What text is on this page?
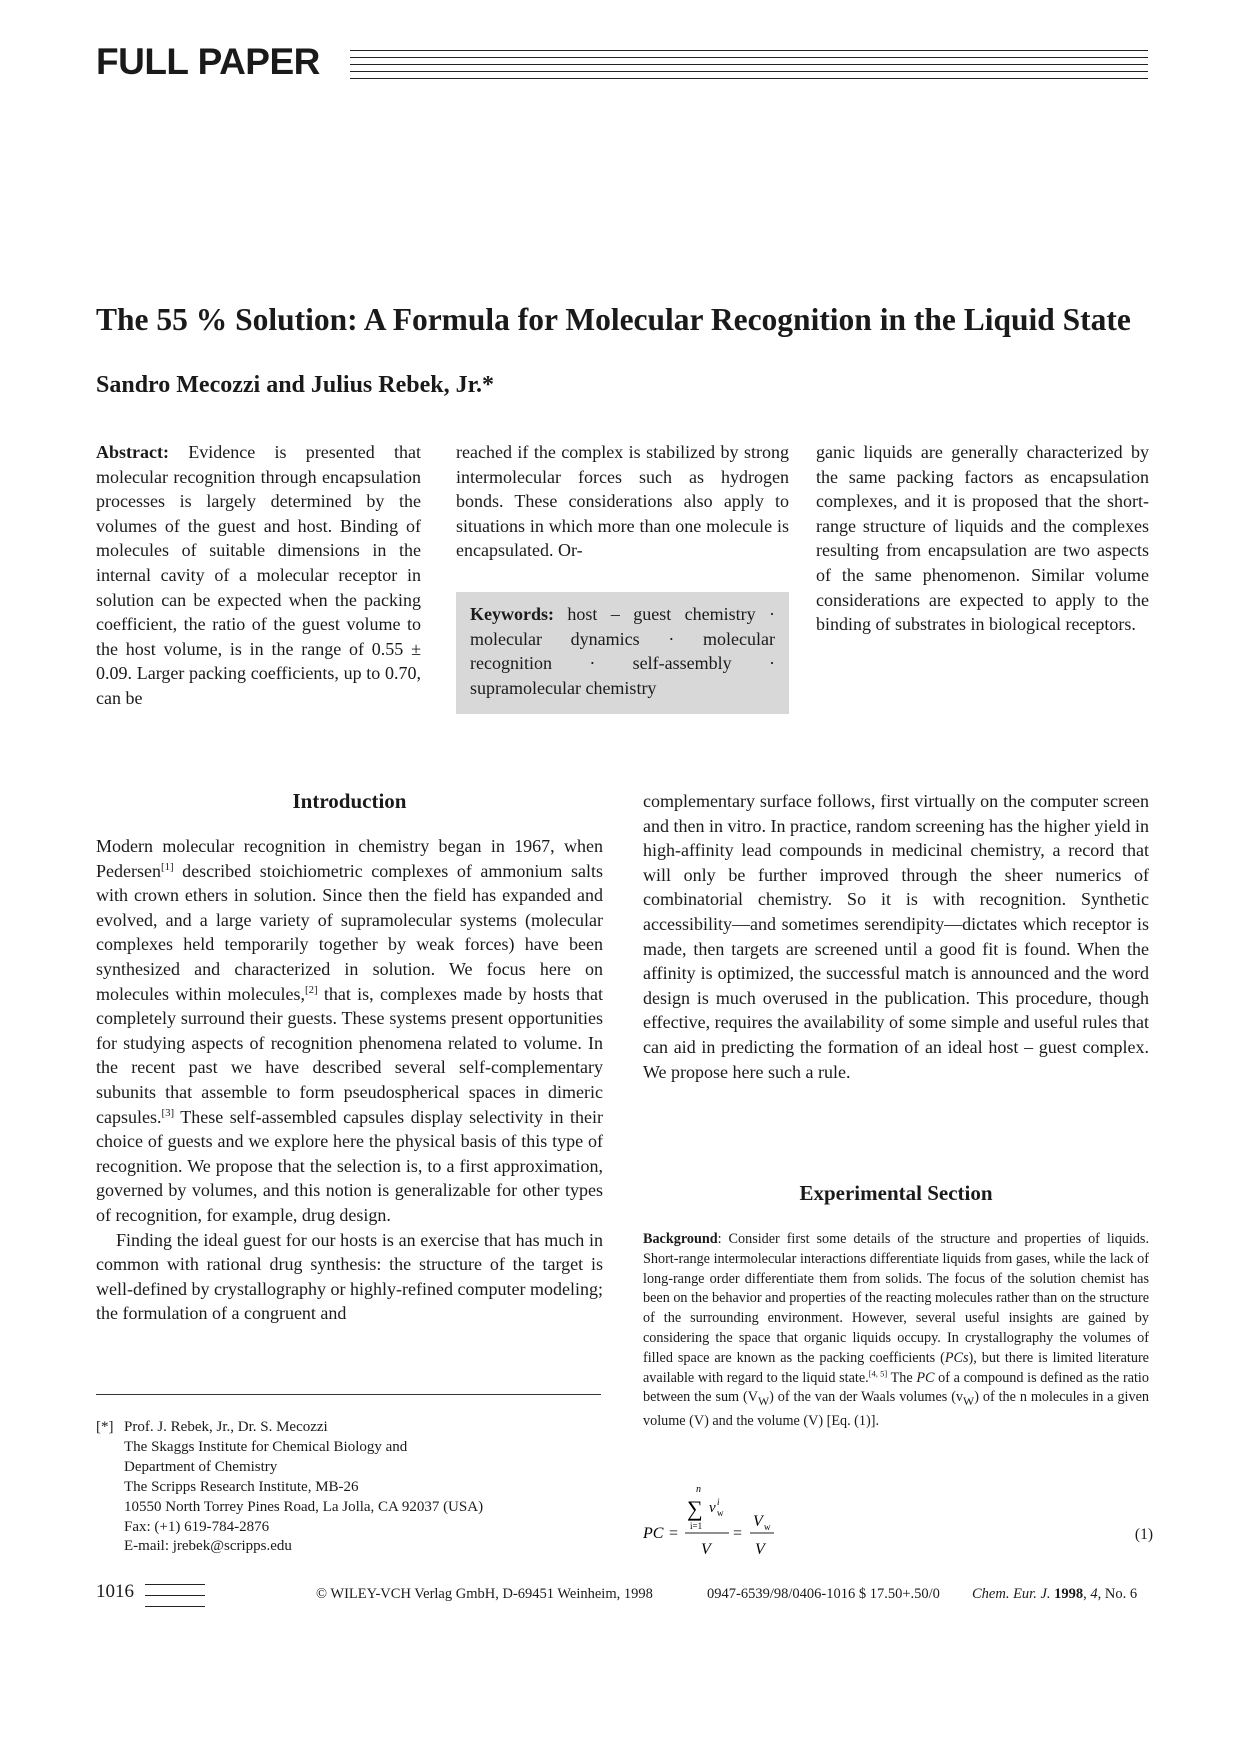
FULL PAPER
The 55 % Solution: A Formula for Molecular Recognition in the Liquid State
Sandro Mecozzi and Julius Rebek, Jr.*
Abstract: Evidence is presented that molecular recognition through encapsulation processes is largely determined by the volumes of the guest and host. Binding of molecules of suitable dimensions in the internal cavity of a molecular receptor in solution can be expected when the packing coefficient, the ratio of the guest volume to the host volume, is in the range of 0.55 ± 0.09. Larger packing coefficients, up to 0.70, can be
reached if the complex is stabilized by strong intermolecular forces such as hydrogen bonds. These considerations also apply to situations in which more than one molecule is encapsulated. Or-
ganic liquids are generally characterized by the same packing factors as encapsulation complexes, and it is proposed that the short-range structure of liquids and the complexes resulting from encapsulation are two aspects of the same phenomenon. Similar volume considerations are expected to apply to the binding of substrates in biological receptors.
Keywords: host – guest chemistry · molecular dynamics · molecular recognition · self-assembly · supramolecular chemistry
Introduction

Modern molecular recognition in chemistry began in 1967, when Pedersen[1] described stoichiometric complexes of ammonium salts with crown ethers in solution. Since then the field has expanded and evolved, and a large variety of supramolecular systems (molecular complexes held temporarily together by weak forces) have been synthesized and characterized in solution. We focus here on molecules within molecules,[2] that is, complexes made by hosts that completely surround their guests. These systems present opportunities for studying aspects of recognition phenomena related to volume. In the recent past we have described several self-complementary subunits that assemble to form pseudospherical spaces in dimeric capsules.[3] These self-assembled capsules display selectivity in their choice of guests and we explore here the physical basis of this type of recognition. We propose that the selection is, to a first approximation, governed by volumes, and this notion is generalizable for other types of recognition, for example, drug design.

Finding the ideal guest for our hosts is an exercise that has much in common with rational drug synthesis: the structure of the target is well-defined by crystallography or highly-refined computer modeling; the formulation of a congruent and

complementary surface follows, first virtually on the computer screen and then in vitro. In practice, random screening has the higher yield in high-affinity lead compounds in medicinal chemistry, a record that will only be further improved through the sheer numerics of combinatorial chemistry. So it is with recognition. Synthetic accessibility—and sometimes serendipity—dictates which receptor is made, then targets are screened until a good fit is found. When the affinity is optimized, the successful match is announced and the word design is much overused in the publication. This procedure, though effective, requires the availability of some simple and useful rules that can aid in predicting the formation of an ideal host – guest complex. We propose here such a rule.
Experimental Section
Background: Consider first some details of the structure and properties of liquids. Short-range intermolecular interactions differentiate liquids from gases, while the lack of long-range order differentiate them from solids. The focus of the solution chemist has been on the behavior and properties of the reacting molecules rather than on the structure of the surrounding environment. However, several useful insights are gained by considering the space that organic liquids occupy. In crystallography the volumes of filled space are known as the packing coefficients (PCs), but there is limited literature available with regard to the liquid state.[4, 5] The PC of a compound is defined as the ratio between the sum $(V_W)$ of the van der Waals volumes $(v_W)$ of the n molecules in a given volume (V) and the volume (V) [Eq. (1)].
PC =
n
∑
i=1
v i
w
V
=
V w
V
(1)
[*] Prof. J. Rebek, Jr., Dr. S. Mecozzi
The Skaggs Institute for Chemical Biology and
Department of Chemistry
The Scripps Research Institute, MB-26
10550 North Torrey Pines Road, La Jolla, CA 92037 (USA)
Fax: (+1) 619-784-2876
E-mail: jrebek@scripps.edu
1016	© WILEY-VCH Verlag GmbH, D-69451 Weinheim, 1998	0947-6539/98/0406-1016 $ 17.50+.50/0 Chem. Eur. J. 1998, 4, No. 6
